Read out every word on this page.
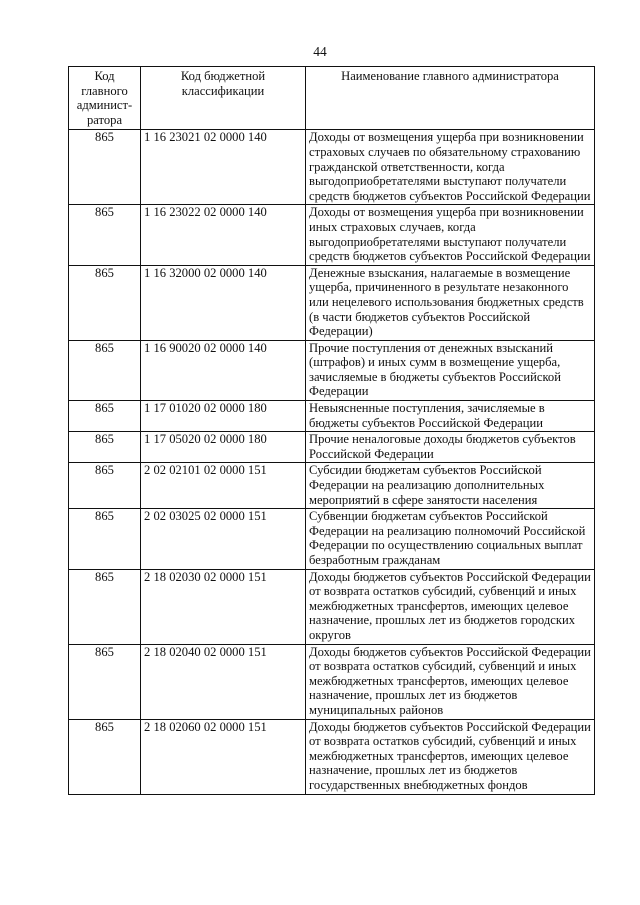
44
Код главного админист-ратора	Код бюджетной классификации	Наименование главного администратора
865	1 16 23021 02 0000 140	Доходы от возмещения ущерба при возникновении страховых случаев по обязательному страхованию гражданской ответственности, когда выгодоприобретателями выступают получатели средств бюджетов субъектов Российской Федерации
865	1 16 23022 02 0000 140	Доходы от возмещения ущерба при возникновении иных страховых случаев, когда выгодоприобретателями выступают получатели средств бюджетов субъектов Российской Федерации
865	1 16 32000 02 0000 140	Денежные взыскания, налагаемые в возмещение ущерба, причиненного в результате незаконного или нецелевого использования бюджетных средств (в части бюджетов субъектов Российской Федерации)
865	1 16 90020 02 0000 140	Прочие поступления от денежных взысканий (штрафов) и иных сумм в возмещение ущерба, зачисляемые в бюджеты субъектов Российской Федерации
865	1 17 01020 02 0000 180	Невыясненные поступления, зачисляемые в бюджеты субъектов Российской Федерации
865	1 17 05020 02 0000 180	Прочие неналоговые доходы бюджетов субъектов Российской Федерации
865	2 02 02101 02 0000 151	Субсидии бюджетам субъектов Российской Федерации на реализацию дополнительных мероприятий в сфере занятости населения
865	2 02 03025 02 0000 151	Субвенции бюджетам субъектов Российской Федерации на реализацию полномочий Российской Федерации по осуществлению социальных выплат безработным гражданам
865	2 18 02030 02 0000 151	Доходы бюджетов субъектов Российской Федерации от возврата остатков субсидий, субвенций и иных межбюджетных трансфертов, имеющих целевое назначение, прошлых лет из бюджетов городских округов
865	2 18 02040 02 0000 151	Доходы бюджетов субъектов Российской Федерации от возврата остатков субсидий, субвенций и иных межбюджетных трансфертов, имеющих целевое назначение, прошлых лет из бюджетов муниципальных районов
865	2 18 02060 02 0000 151	Доходы бюджетов субъектов Российской Федерации от возврата остатков субсидий, субвенций и иных межбюджетных трансфертов, имеющих целевое назначение, прошлых лет из бюджетов государственных внебюджетных фондов
